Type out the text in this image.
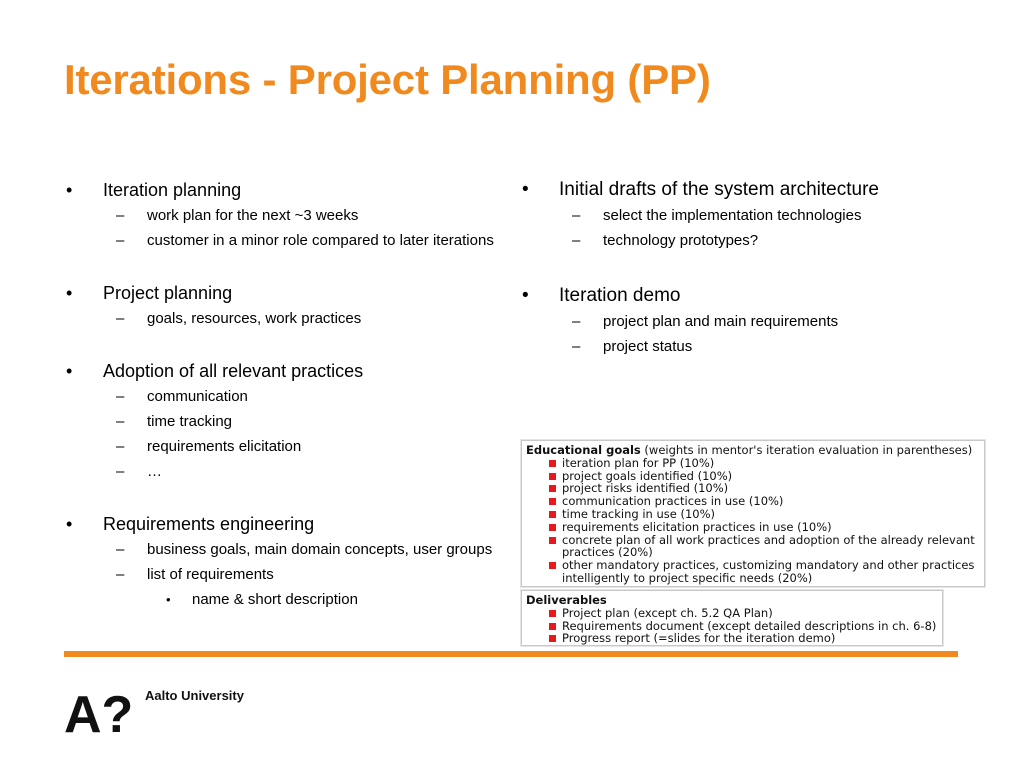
Iterations - Project Planning (PP)
• Iteration planning
– work plan for the next ~3 weeks
– customer in a minor role compared to later iterations
• Project planning
– goals, resources, work practices
• Adoption of all relevant practices
– communication
– time tracking
– requirements elicitation
– …
• Requirements engineering
– business goals, main domain concepts, user groups
– list of requirements
• name & short description
• Initial drafts of the system architecture
– select the implementation technologies
– technology prototypes?
• Iteration demo
– project plan and main requirements
– project status
Educational goals (weights in mentor's iteration evaluation in parentheses)
iteration plan for PP (10%)
project goals identified (10%)
project risks identified (10%)
communication practices in use (10%)
time tracking in use (10%)
requirements elicitation practices in use (10%)
concrete plan of all work practices and adoption of the already relevant practices (20%)
other mandatory practices, customizing mandatory and other practices intelligently to project specific needs (20%)
Deliverables
Project plan (except ch. 5.2 QA Plan)
Requirements document (except detailed descriptions in ch. 6-8)
Progress report (=slides for the iteration demo)
A? Aalto University
